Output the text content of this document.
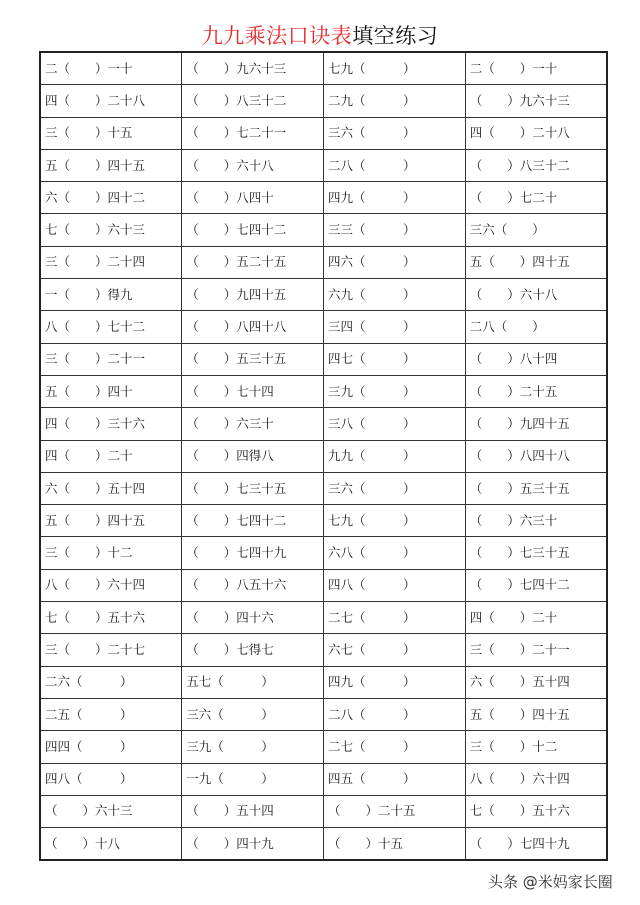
九九乘法口诀表填空练习
二（　　）一十	（　　）九六十三	七九（　　　）	二（　　）一十
四（　　）二十八	（　　）八三十二	二九（　　　）	（　　）九六十三
三（　　）十五	（　　）七二十一	三六（　　　）	四（　　）二十八
五（　　）四十五	（　　）六十八	二八（　　　）	（　　）八三十二
六（　　）四十二	（　　）八四十	四九（　　　）	（　　）七二十
七（　　）六十三	（　　）七四十二	三三（　　　）	三六（　　）
三（　　）二十四	（　　）五二十五	四六（　　　）	五（　　）四十五
一（　　）得九	（　　）九四十五	六九（　　　）	（　　）六十八
八（　　）七十二	（　　）八四十八	三四（　　　）	二八（　　）
三（　　）二十一	（　　）五三十五	四七（　　　）	（　　）八十四
五（　　）四十	（　　）七十四	三九（　　　）	（　　）二十五
四（　　）三十六	（　　）六三十	三八（　　　）	（　　）九四十五
四（　　）二十	（　　）四得八	九九（　　　）	（　　）八四十八
六（　　）五十四	（　　）七三十五	三六（　　　）	（　　）五三十五
五（　　）四十五	（　　）七四十二	七九（　　　）	（　　）六三十
三（　　）十二	（　　）七四十九	六八（　　　）	（　　）七三十五
八（　　）六十四	（　　）八五十六	四八（　　　）	（　　）七四十二
七（　　）五十六	（　　）四十六	二七（　　　）	四（　　）二十
三（　　）二十七	（　　）七得七	六七（　　　）	三（　　）二十一
二六（　　　）	五七（　　　）	四九（　　　）	六（　　）五十四
二五（　　　）	三六（　　　）	二八（　　　）	五（　　）四十五
四四（　　　）	三九（　　　）	二七（　　　）	三（　　）十二
四八（　　　）	一九（　　　）	四五（　　　）	八（　　）六十四
（　　）六十三	（　　）五十四	（　　）二十五	七（　　）五十六
（　　）十八	（　　）四十九	（　　）十五	（　　）七四十九
头条 @米妈家长圈
